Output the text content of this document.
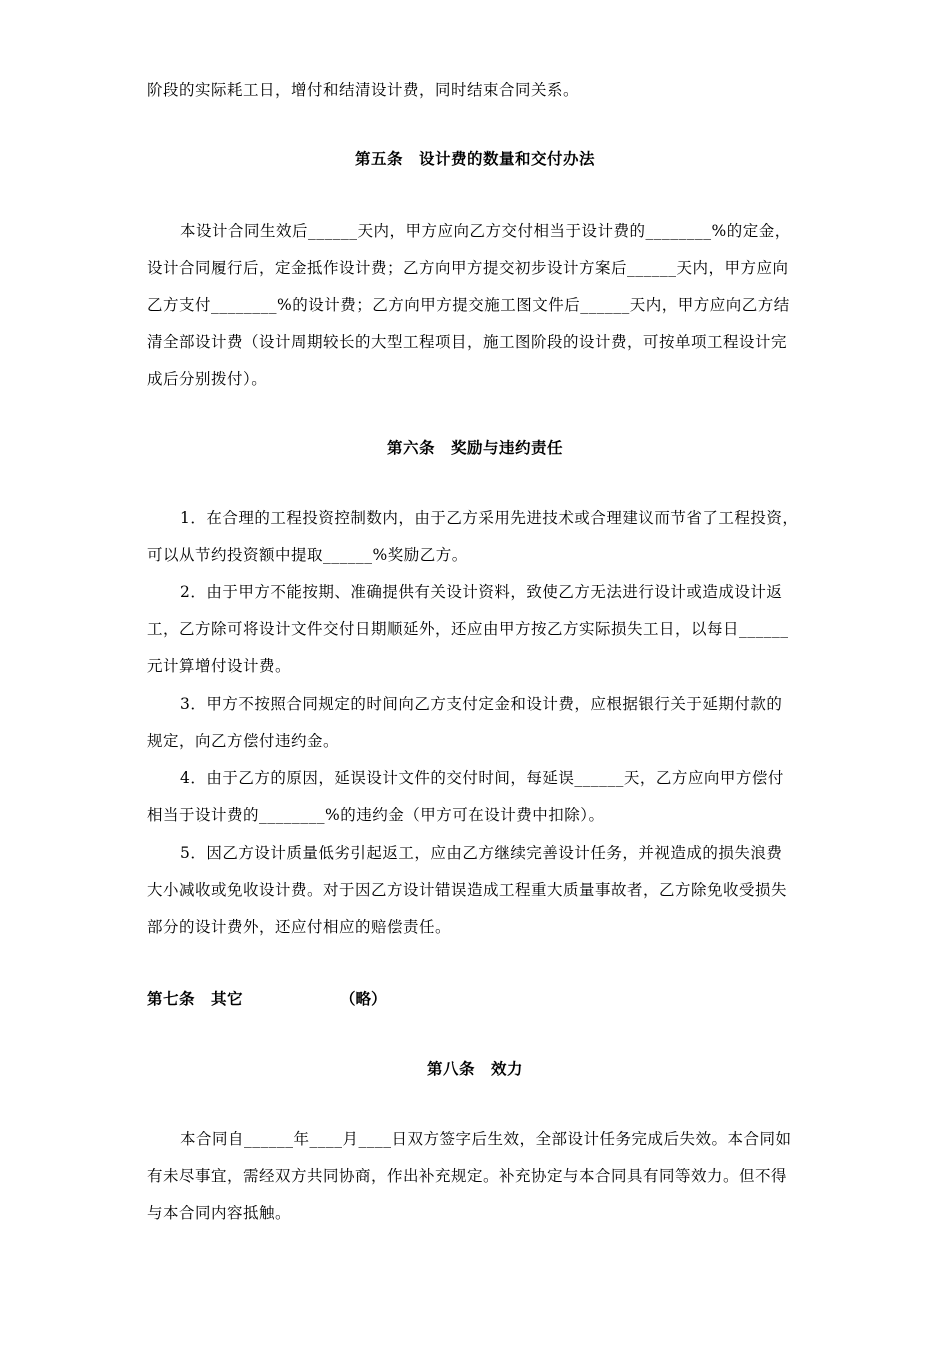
阶段的实际耗工日，增付和结清设计费，同时结束合同关系。
第五条　设计费的数量和交付办法
本设计合同生效后______天内，甲方应向乙方交付相当于设计费的________%的定金，
设计合同履行后，定金抵作设计费；乙方向甲方提交初步设计方案后______天内，甲方应向
乙方支付________%的设计费；乙方向甲方提交施工图文件后______天内，甲方应向乙方结
清全部设计费（设计周期较长的大型工程项目，施工图阶段的设计费，可按单项工程设计完
成后分别拨付）。
第六条　奖励与违约责任
1．在合理的工程投资控制数内，由于乙方采用先进技术或合理建议而节省了工程投资，
可以从节约投资额中提取______%奖励乙方。
2．由于甲方不能按期、准确提供有关设计资料，致使乙方无法进行设计或造成设计返
工，乙方除可将设计文件交付日期顺延外，还应由甲方按乙方实际损失工日，以每日______
元计算增付设计费。
3．甲方不按照合同规定的时间向乙方支付定金和设计费，应根据银行关于延期付款的
规定，向乙方偿付违约金。
4．由于乙方的原因，延误设计文件的交付时间，每延误______天，乙方应向甲方偿付
相当于设计费的________%的违约金（甲方可在设计费中扣除）。
5．因乙方设计质量低劣引起返工，应由乙方继续完善设计任务，并视造成的损失浪费
大小减收或免收设计费。对于因乙方设计错误造成工程重大质量事故者，乙方除免收受损失
部分的设计费外，还应付相应的赔偿责任。
第七条　其它	（略）
第八条　效力
本合同自______年____月____日双方签字后生效，全部设计任务完成后失效。本合同如
有未尽事宜，需经双方共同协商，作出补充规定。补充协定与本合同具有同等效力。但不得
与本合同内容抵触。
